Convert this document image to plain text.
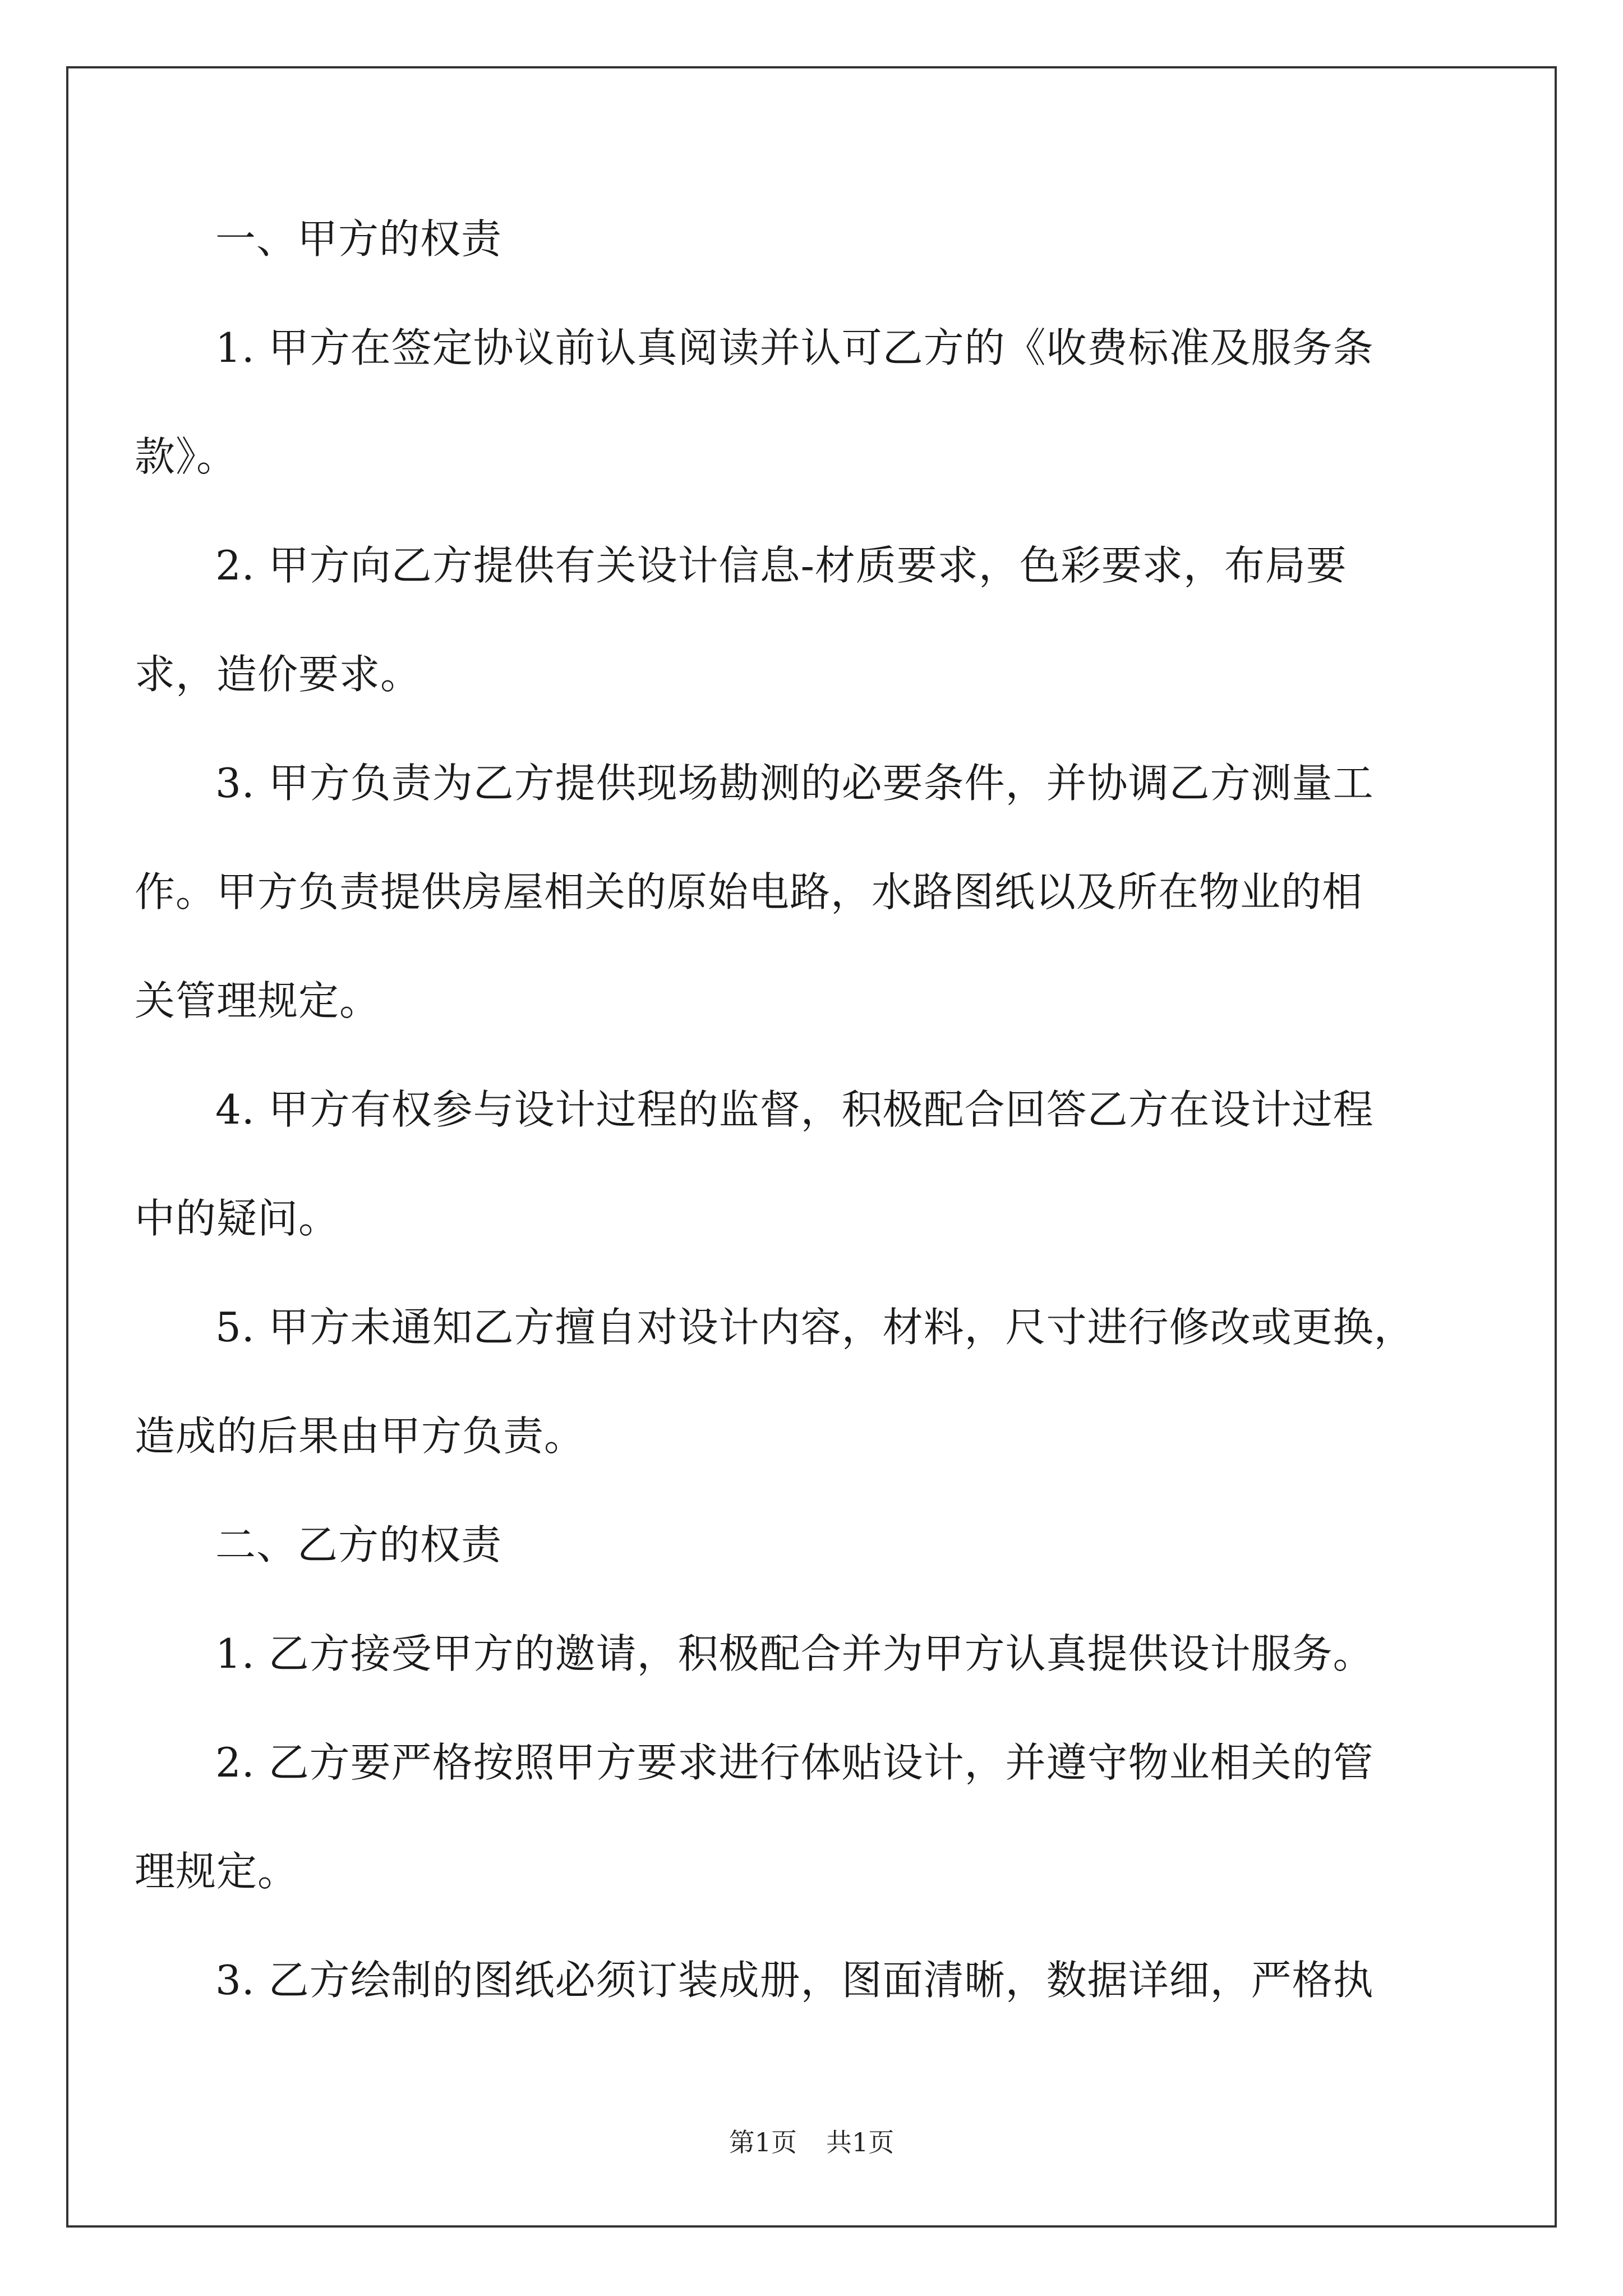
一、甲方的权责
1. 甲方在签定协议前认真阅读并认可乙方的《收费标准及服务条
款》。
2. 甲方向乙方提供有关设计信息-材质要求，色彩要求，布局要
求，造价要求。
3. 甲方负责为乙方提供现场勘测的必要条件，并协调乙方测量工
作。甲方负责提供房屋相关的原始电路，水路图纸以及所在物业的相
关管理规定。
4. 甲方有权参与设计过程的监督，积极配合回答乙方在设计过程
中的疑问。
5. 甲方未通知乙方擅自对设计内容，材料，尺寸进行修改或更换，
造成的后果由甲方负责。
二、乙方的权责
1. 乙方接受甲方的邀请，积极配合并为甲方认真提供设计服务。
2. 乙方要严格按照甲方要求进行体贴设计，并遵守物业相关的管
理规定。
3. 乙方绘制的图纸必须订装成册，图面清晰，数据详细，严格执
第1页 共1页
